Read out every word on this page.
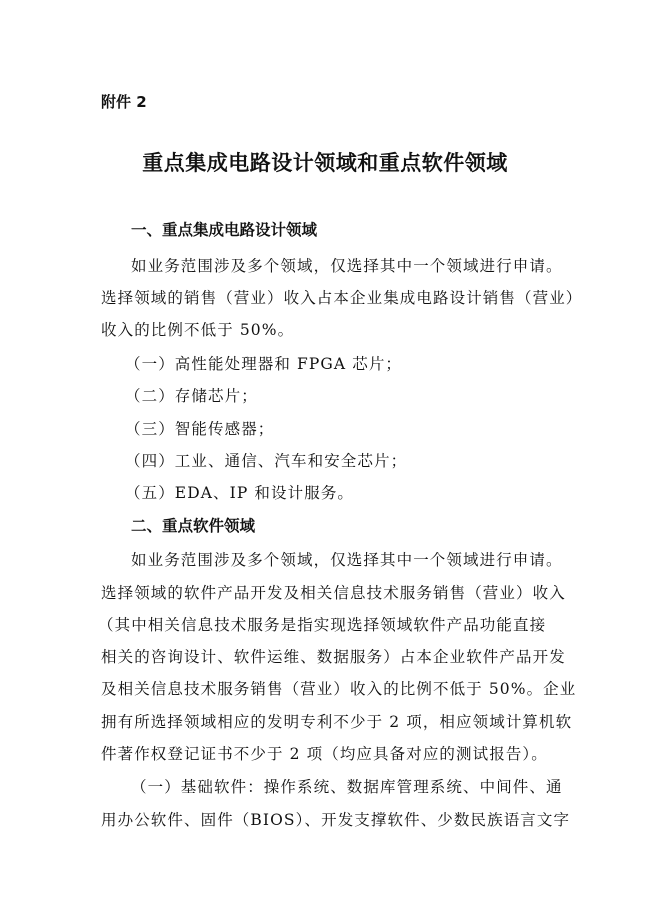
附件 2
重点集成电路设计领域和重点软件领域
一、重点集成电路设计领域
如业务范围涉及多个领域，仅选择其中一个领域进行申请。
选择领域的销售（营业）收入占本企业集成电路设计销售（营业）
收入的比例不低于 50%。
（一）高性能处理器和 FPGA 芯片；
（二）存储芯片；
（三）智能传感器；
（四）工业、通信、汽车和安全芯片；
（五）EDA、IP 和设计服务。
二、重点软件领域
如业务范围涉及多个领域，仅选择其中一个领域进行申请。
选择领域的软件产品开发及相关信息技术服务销售（营业）收入
（其中相关信息技术服务是指实现选择领域软件产品功能直接
相关的咨询设计、软件运维、数据服务）占本企业软件产品开发
及相关信息技术服务销售（营业）收入的比例不低于 50%。企业
拥有所选择领域相应的发明专利不少于 2 项，相应领域计算机软
件著作权登记证书不少于 2 项（均应具备对应的测试报告）。
（一）基础软件：操作系统、数据库管理系统、中间件、通
用办公软件、固件（BIOS）、开发支撑软件、少数民族语言文字
